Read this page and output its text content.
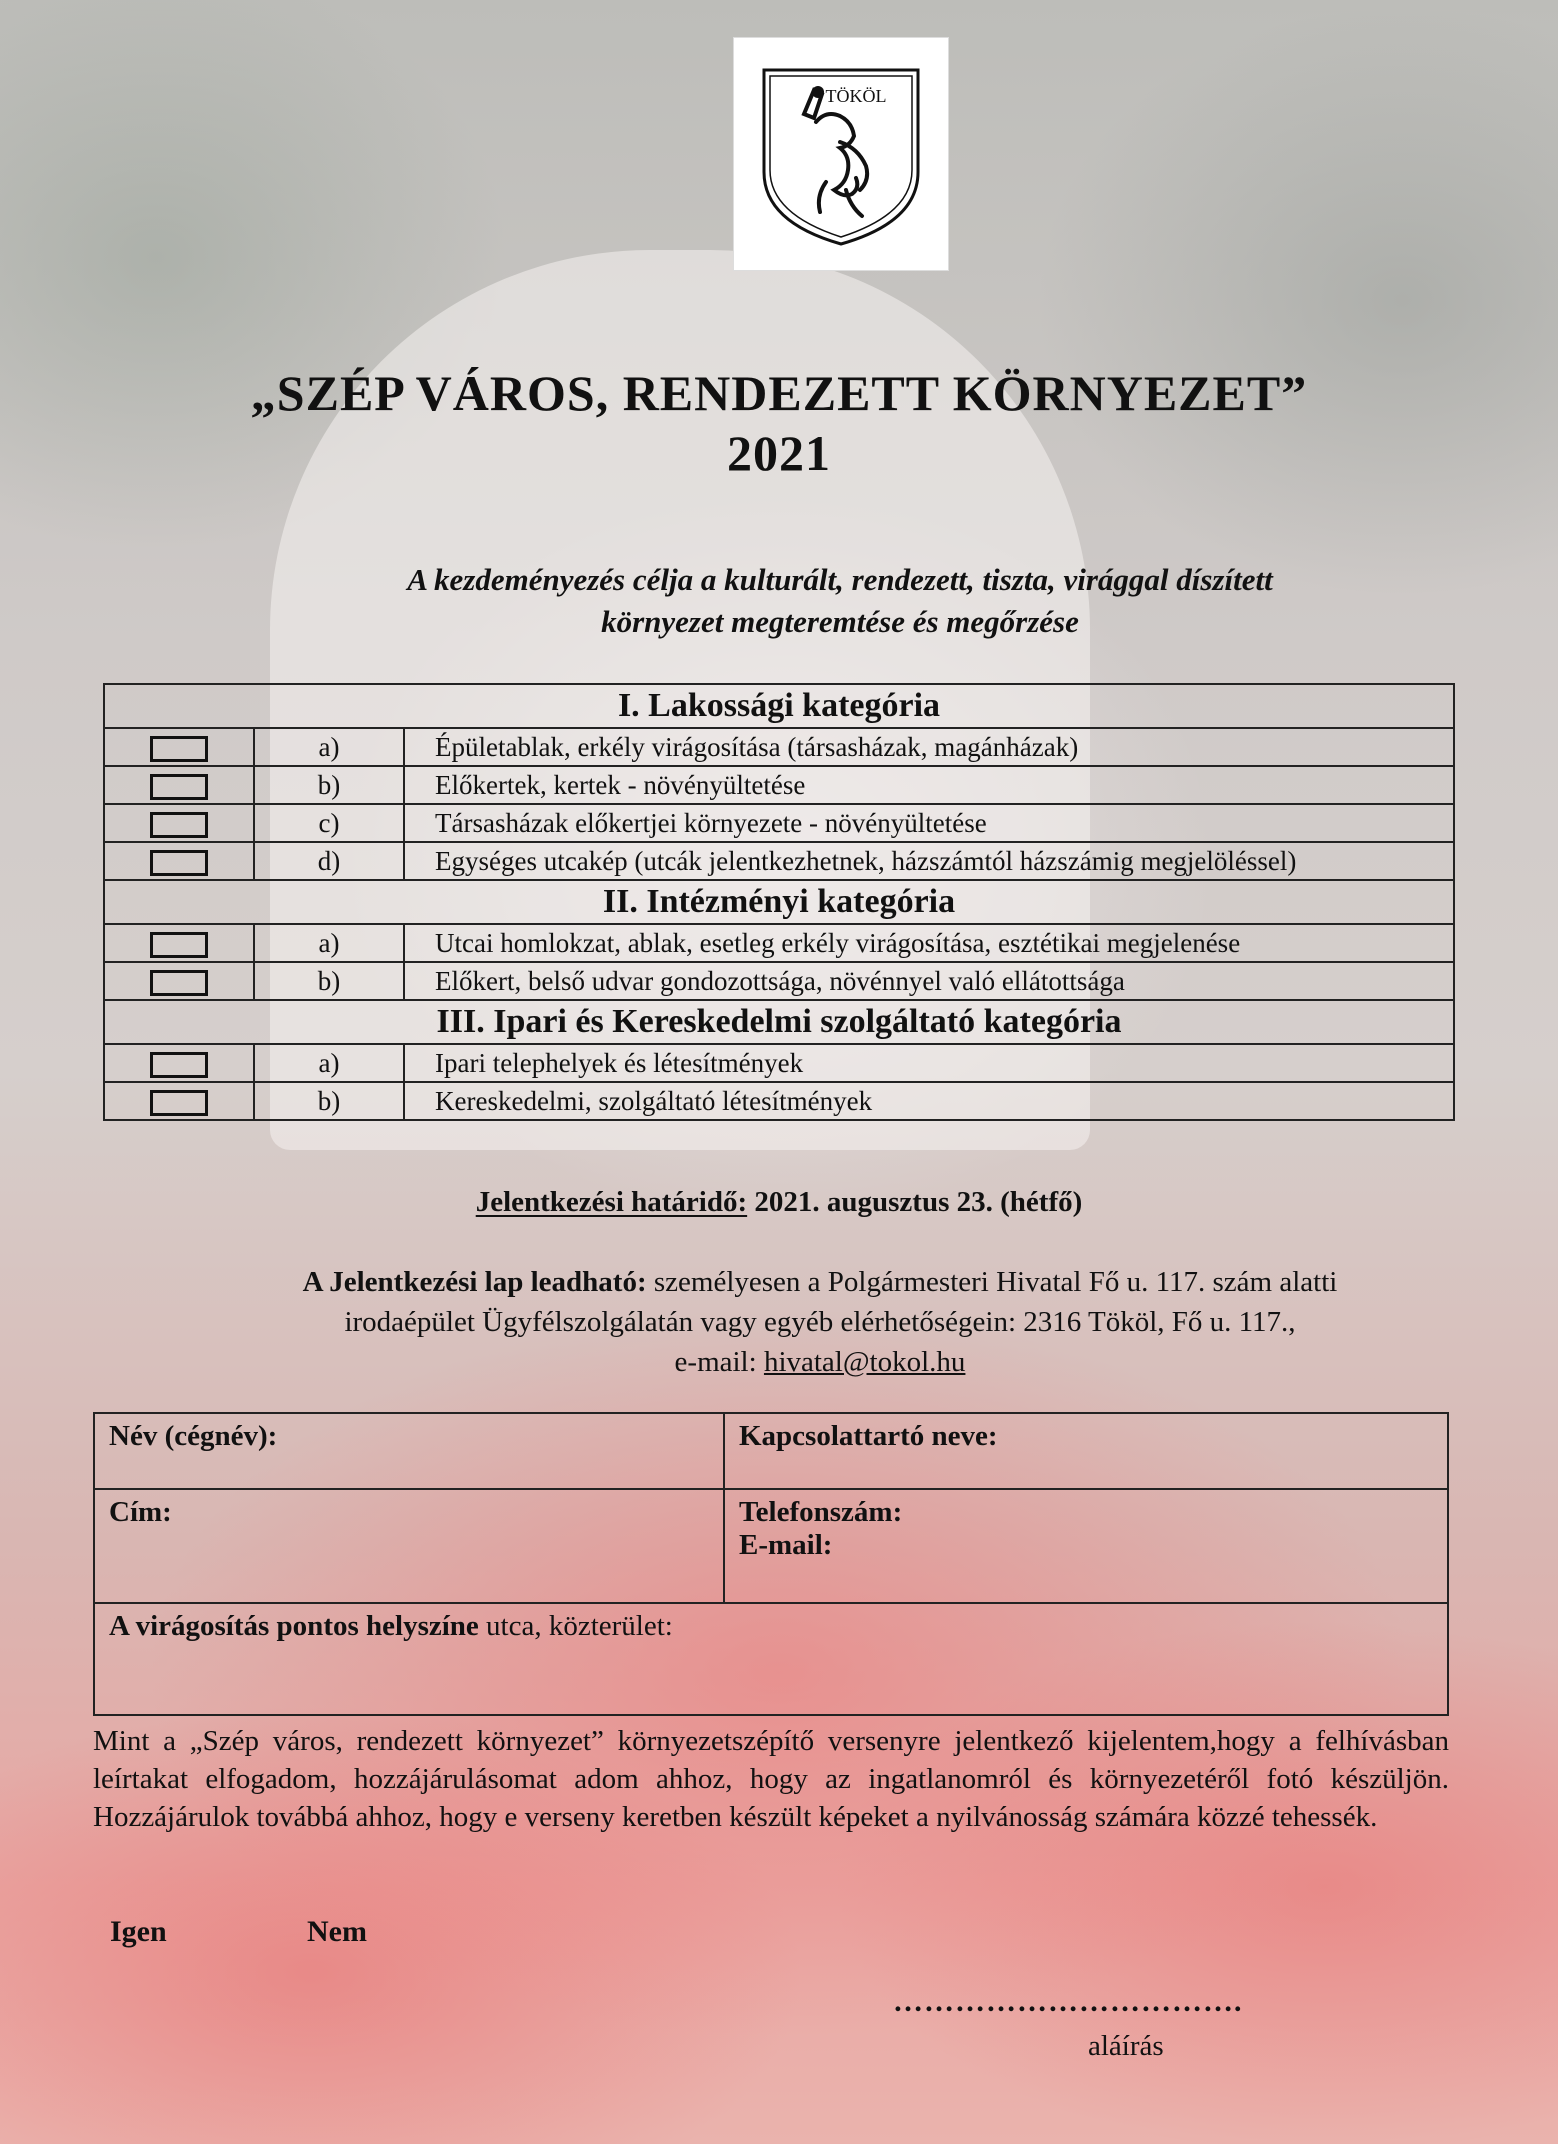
TÖKÖL
„SZÉP VÁROS, RENDEZETT KÖRNYEZET”
2021
A kezdeményezés célja a kulturált, rendezett, tiszta, virággal díszített
környezet megteremtése és megőrzése
I. Lakossági kategória		
	a)	Épületablak, erkély virágosítása (társasházak, magánházak)
	b)	Előkertek, kertek - növényültetése
	c)	Társasházak előkertjei környezete - növényültetése
	d)	Egységes utcakép (utcák jelentkezhetnek, házszámtól házszámig megjelöléssel)
II. Intézményi kategória		
	a)	Utcai homlokzat, ablak, esetleg erkély virágosítása, esztétikai megjelenése
	b)	Előkert, belső udvar gondozottsága, növénnyel való ellátottsága
III. Ipari és Kereskedelmi szolgáltató kategória		
	a)	Ipari telephelyek és létesítmények
	b)	Kereskedelmi, szolgáltató létesítmények
Jelentkezési határidő: 2021. augusztus 23. (hétfő)
A Jelentkezési lap leadható: személyesen a Polgármesteri Hivatal Fő u. 117. szám alatti
irodaépület Ügyfélszolgálatán vagy egyéb elérhetőségein: 2316 Tököl, Fő u. 117.,
e-mail: hivatal@tokol.hu
Név (cégnév):	Kapcsolattartó neve:
Cím:	Telefonszám:
E-mail:

A virágosítás pontos helyszíne utca, közterület:	
Mint a „Szép város, rendezett környezet” környezetszépítő versenyre jelentkező kijelentem,hogy a felhívásban leírtakat elfogadom, hozzájárulásomat adom ahhoz, hogy az ingatlanomról és környezetéről fotó készüljön. Hozzájárulok továbbá ahhoz, hogy e verseny keretben készült képeket a nyilvánosság számára közzé tehessék.
Igen	Nem
…………………………….
aláírás
